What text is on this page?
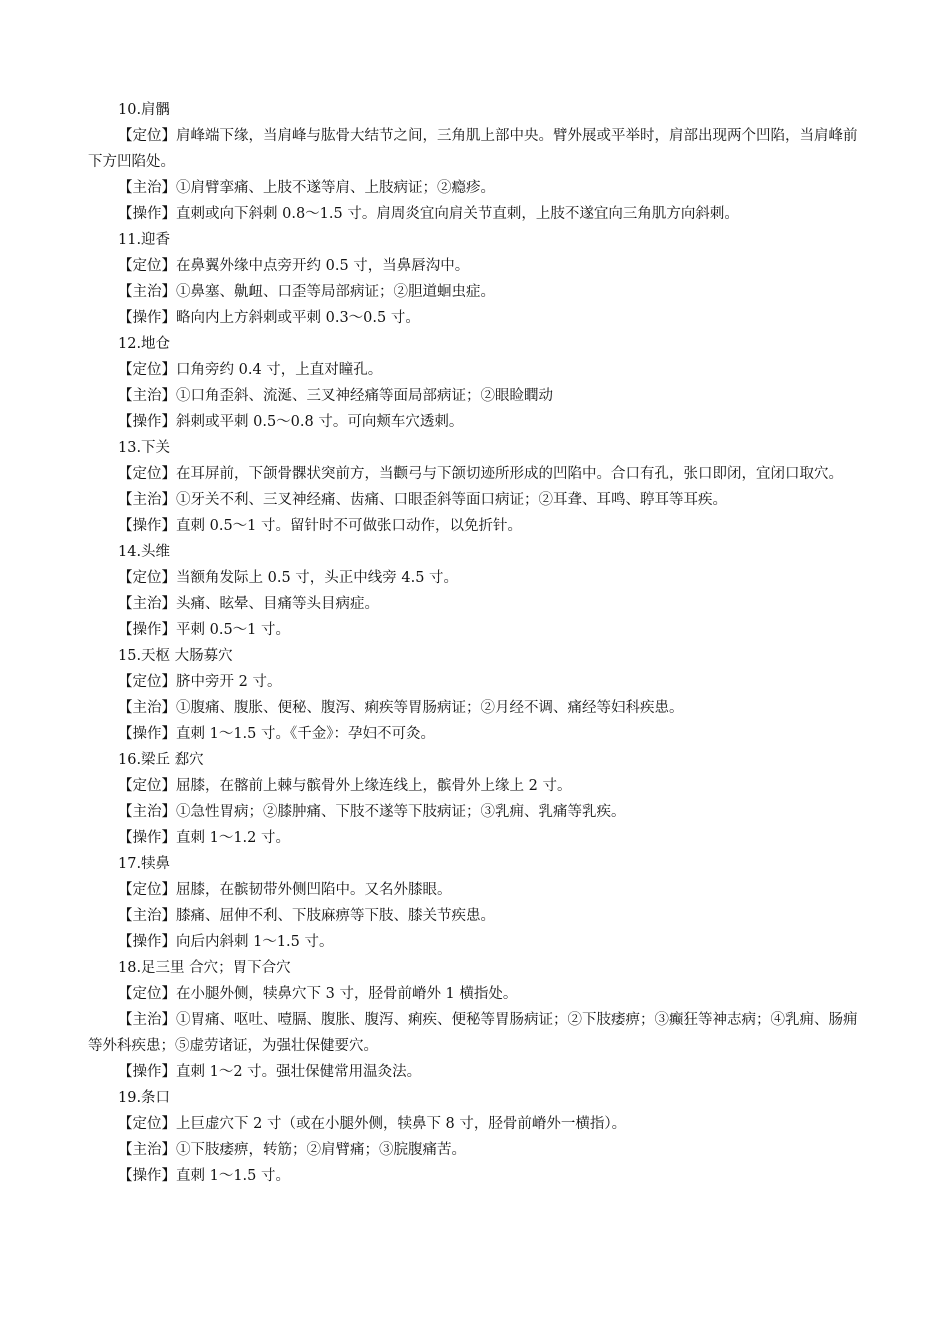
10.肩髃

【定位】肩峰端下缘，当肩峰与肱骨大结节之间，三角肌上部中央。臂外展或平举时，肩部出现两个凹陷，当肩峰前下方凹陷处。

【主治】①肩臂挛痛、上肢不遂等肩、上肢病证；②瘾疹。

【操作】直刺或向下斜刺 0.8～1.5 寸。肩周炎宜向肩关节直刺，上肢不遂宜向三角肌方向斜刺。

11.迎香

【定位】在鼻翼外缘中点旁开约 0.5 寸，当鼻唇沟中。

【主治】①鼻塞、鼽衄、口歪等局部病证；②胆道蛔虫症。

【操作】略向内上方斜刺或平刺 0.3～0.5 寸。

12.地仓

【定位】口角旁约 0.4 寸，上直对瞳孔。

【主治】①口角歪斜、流涎、三叉神经痛等面局部病证；②眼睑瞤动

【操作】斜刺或平刺 0.5～0.8 寸。可向颊车穴透刺。

13.下关

【定位】在耳屏前，下颌骨髁状突前方，当颧弓与下颌切迹所形成的凹陷中。合口有孔，张口即闭，宜闭口取穴。

【主治】①牙关不利、三叉神经痛、齿痛、口眼歪斜等面口病证；②耳聋、耳鸣、聤耳等耳疾。

【操作】直刺 0.5～1 寸。留针时不可做张口动作，以免折针。

14.头维

【定位】当额角发际上 0.5 寸，头正中线旁 4.5 寸。

【主治】头痛、眩晕、目痛等头目病症。

【操作】平刺 0.5～1 寸。

15.天枢 大肠募穴

【定位】脐中旁开 2 寸。

【主治】①腹痛、腹胀、便秘、腹泻、痢疾等胃肠病证；②月经不调、痛经等妇科疾患。

【操作】直刺 1～1.5 寸。《千金》：孕妇不可灸。

16.梁丘 郄穴

【定位】屈膝，在髂前上棘与髌骨外上缘连线上，髌骨外上缘上 2 寸。

【主治】①急性胃病；②膝肿痛、下肢不遂等下肢病证；③乳痈、乳痛等乳疾。

【操作】直刺 1～1.2 寸。

17.犊鼻

【定位】屈膝，在髌韧带外侧凹陷中。又名外膝眼。

【主治】膝痛、屈伸不利、下肢麻痹等下肢、膝关节疾患。

【操作】向后内斜刺 1～1.5 寸。

18.足三里 合穴；胃下合穴

【定位】在小腿外侧，犊鼻穴下 3 寸，胫骨前嵴外 1 横指处。

【主治】①胃痛、呕吐、噎膈、腹胀、腹泻、痢疾、便秘等胃肠病证；②下肢痿痹；③癫狂等神志病；④乳痈、肠痈等外科疾患；⑤虚劳诸证，为强壮保健要穴。

【操作】直刺 1～2 寸。强壮保健常用温灸法。

19.条口

【定位】上巨虚穴下 2 寸（或在小腿外侧，犊鼻下 8 寸，胫骨前嵴外一横指）。

【主治】①下肢痿痹，转筋；②肩臂痛；③脘腹痛苦。

【操作】直刺 1～1.5 寸。
